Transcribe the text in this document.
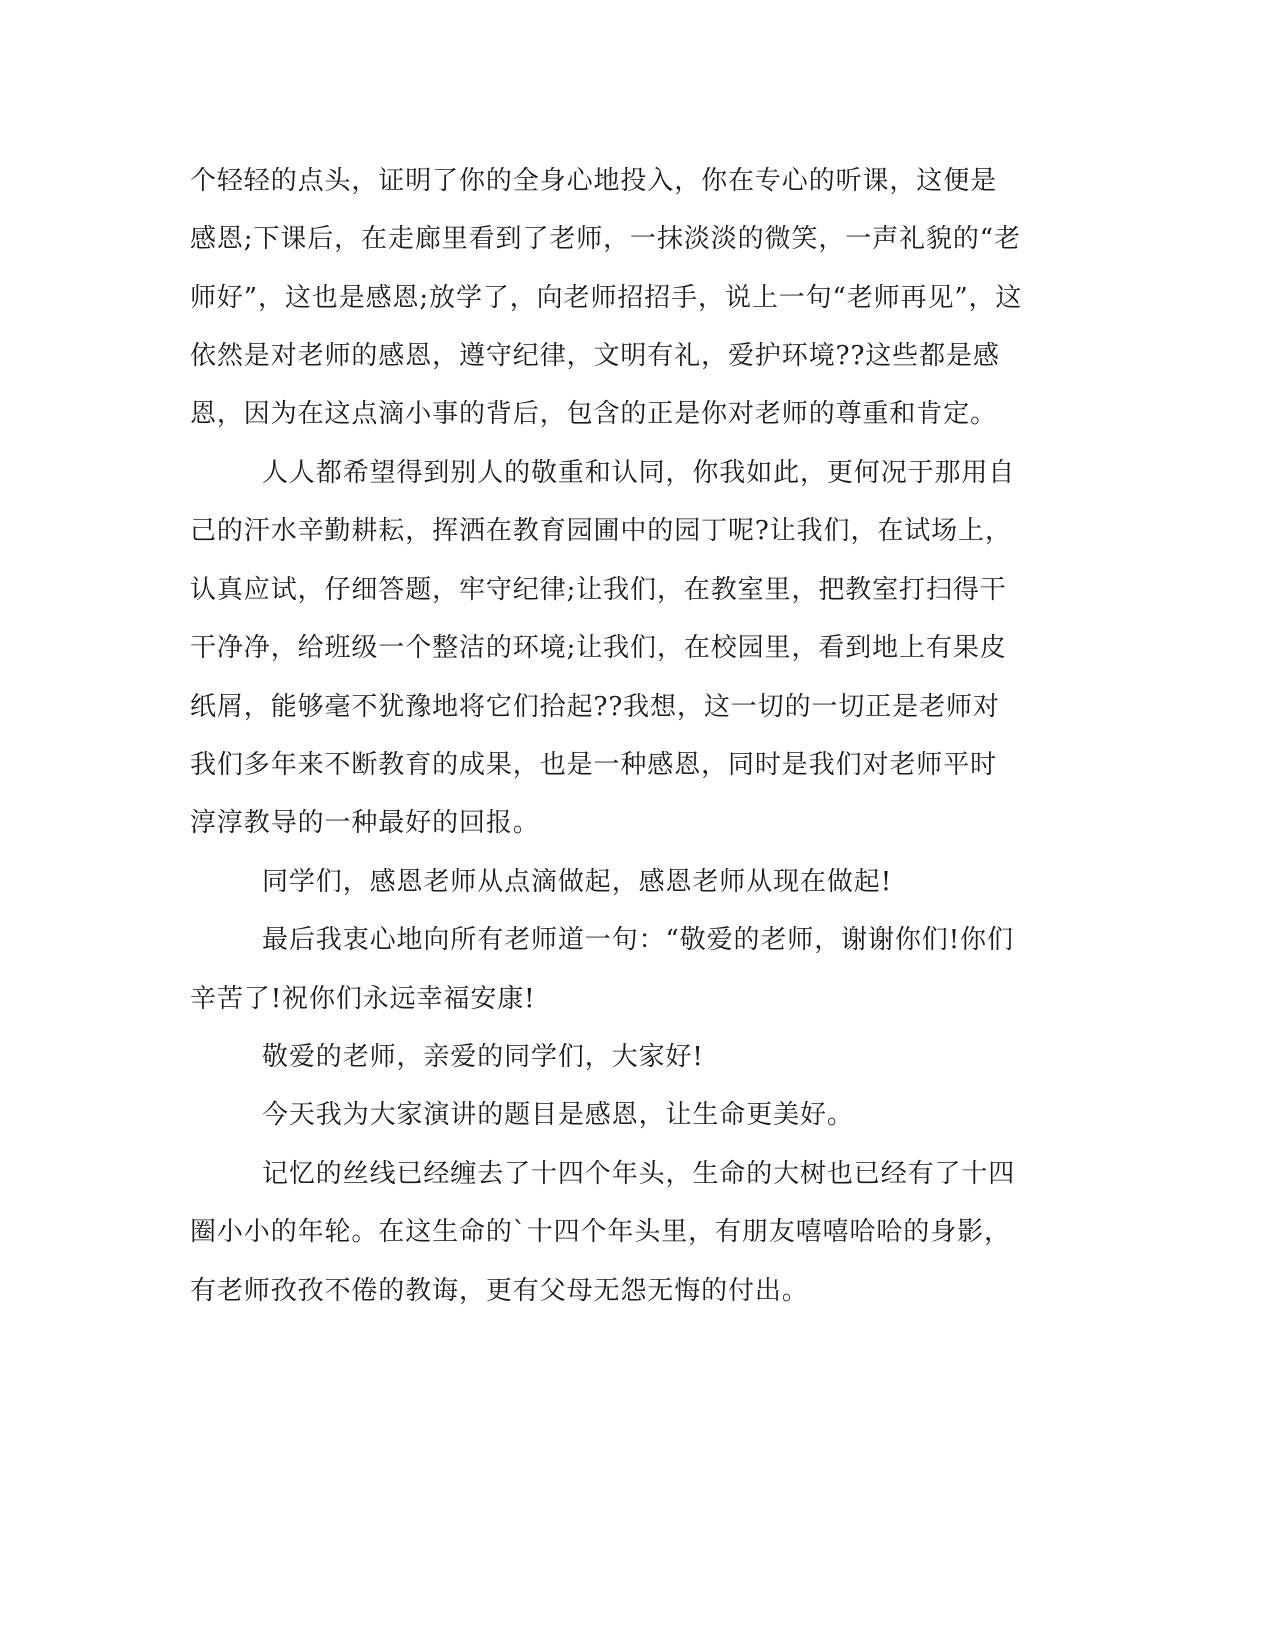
个轻轻的点头，证明了你的全身心地投入，你在专心的听课，这便是

感恩;下课后，在走廊里看到了老师，一抹淡淡的微笑，一声礼貌的“老

师好”，这也是感恩;放学了，向老师招招手，说上一句“老师再见”，这

依然是对老师的感恩，遵守纪律，文明有礼，爱护环境??这些都是感

恩，因为在这点滴小事的背后，包含的正是你对老师的尊重和肯定。

人人都希望得到别人的敬重和认同，你我如此，更何况于那用自

己的汗水辛勤耕耘，挥洒在教育园圃中的园丁呢?让我们，在试场上，

认真应试，仔细答题，牢守纪律;让我们，在教室里，把教室打扫得干

干净净，给班级一个整洁的环境;让我们，在校园里，看到地上有果皮

纸屑，能够毫不犹豫地将它们拾起??我想，这一切的一切正是老师对

我们多年来不断教育的成果，也是一种感恩，同时是我们对老师平时

淳淳教导的一种最好的回报。

同学们，感恩老师从点滴做起，感恩老师从现在做起!

最后我衷心地向所有老师道一句：“敬爱的老师，谢谢你们!你们

辛苦了!祝你们永远幸福安康!

敬爱的老师，亲爱的同学们，大家好!

今天我为大家演讲的题目是感恩，让生命更美好。

记忆的丝线已经缠去了十四个年头，生命的大树也已经有了十四

圈小小的年轮。在这生命的`十四个年头里，有朋友嘻嘻哈哈的身影，

有老师孜孜不倦的教诲，更有父母无怨无悔的付出。
